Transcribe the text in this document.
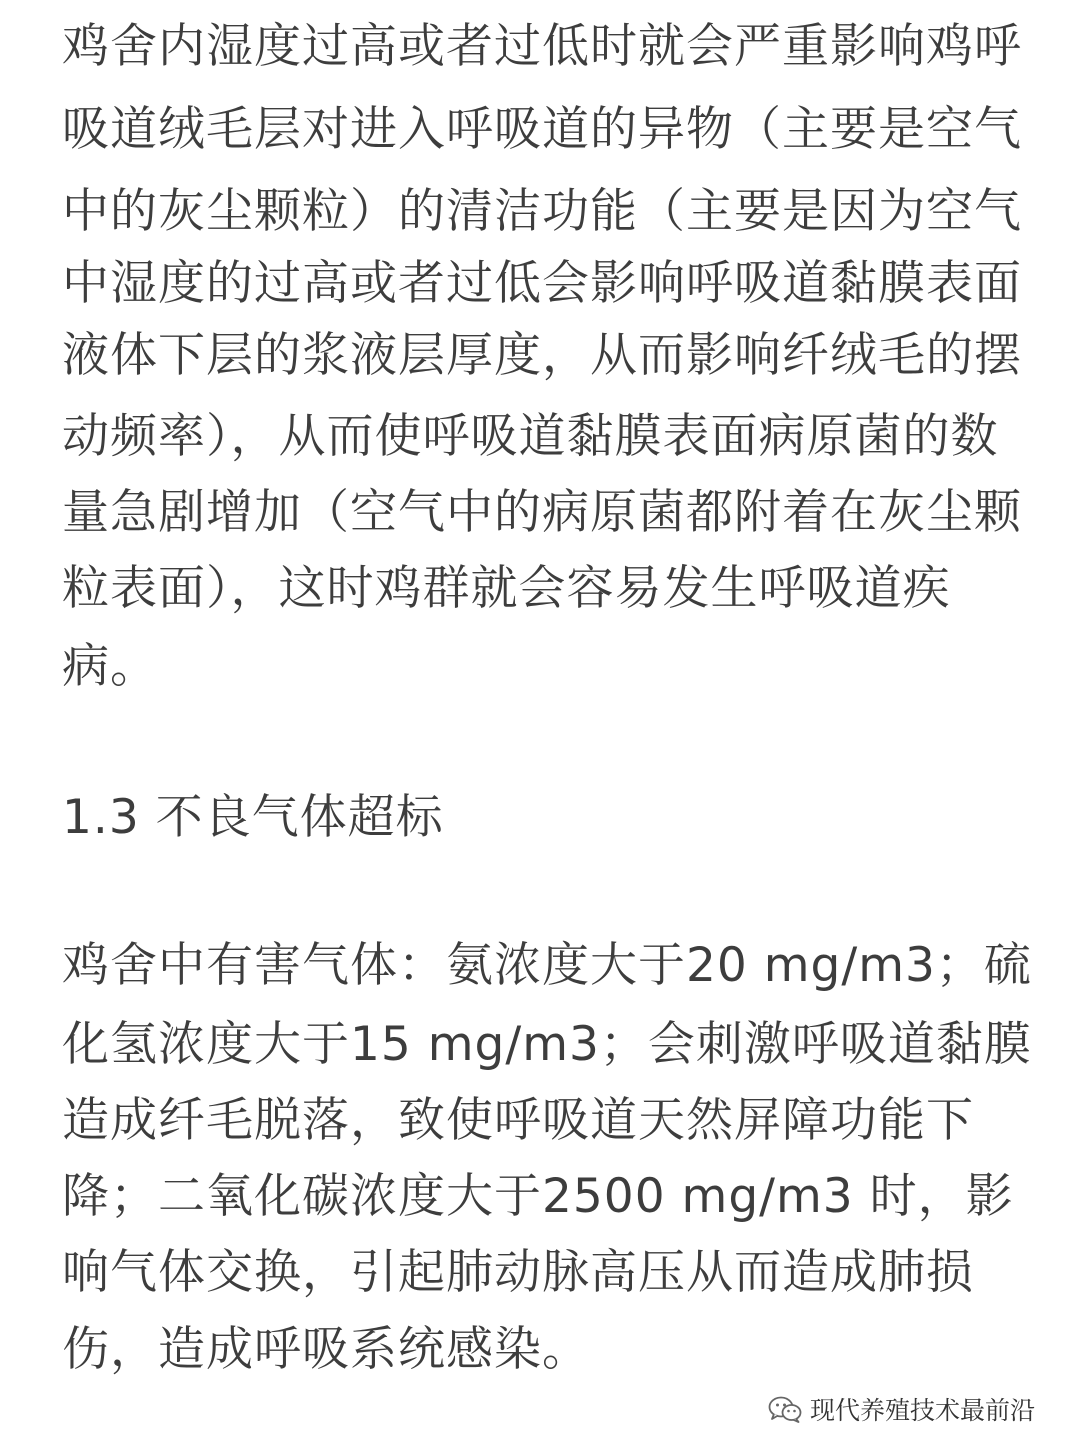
鸡舍内湿度过高或者过低时就会严重影响鸡呼
吸道绒毛层对进入呼吸道的异物（主要是空气
中的灰尘颗粒）的清洁功能（主要是因为空气
中湿度的过高或者过低会影响呼吸道黏膜表面
液体下层的浆液层厚度，从而影响纤绒毛的摆
动频率），从而使呼吸道黏膜表面病原菌的数
量急剧增加（空气中的病原菌都附着在灰尘颗
粒表面），这时鸡群就会容易发生呼吸道疾
病。
1.3 不良气体超标
鸡舍中有害气体：氨浓度大于20 mg/m3；硫
化氢浓度大于15 mg/m3；会刺激呼吸道黏膜
造成纤毛脱落，致使呼吸道天然屏障功能下
降；二氧化碳浓度大于2500 mg/m3 时，影
响气体交换，引起肺动脉高压从而造成肺损
伤，造成呼吸系统感染。
现代养殖技术最前沿
